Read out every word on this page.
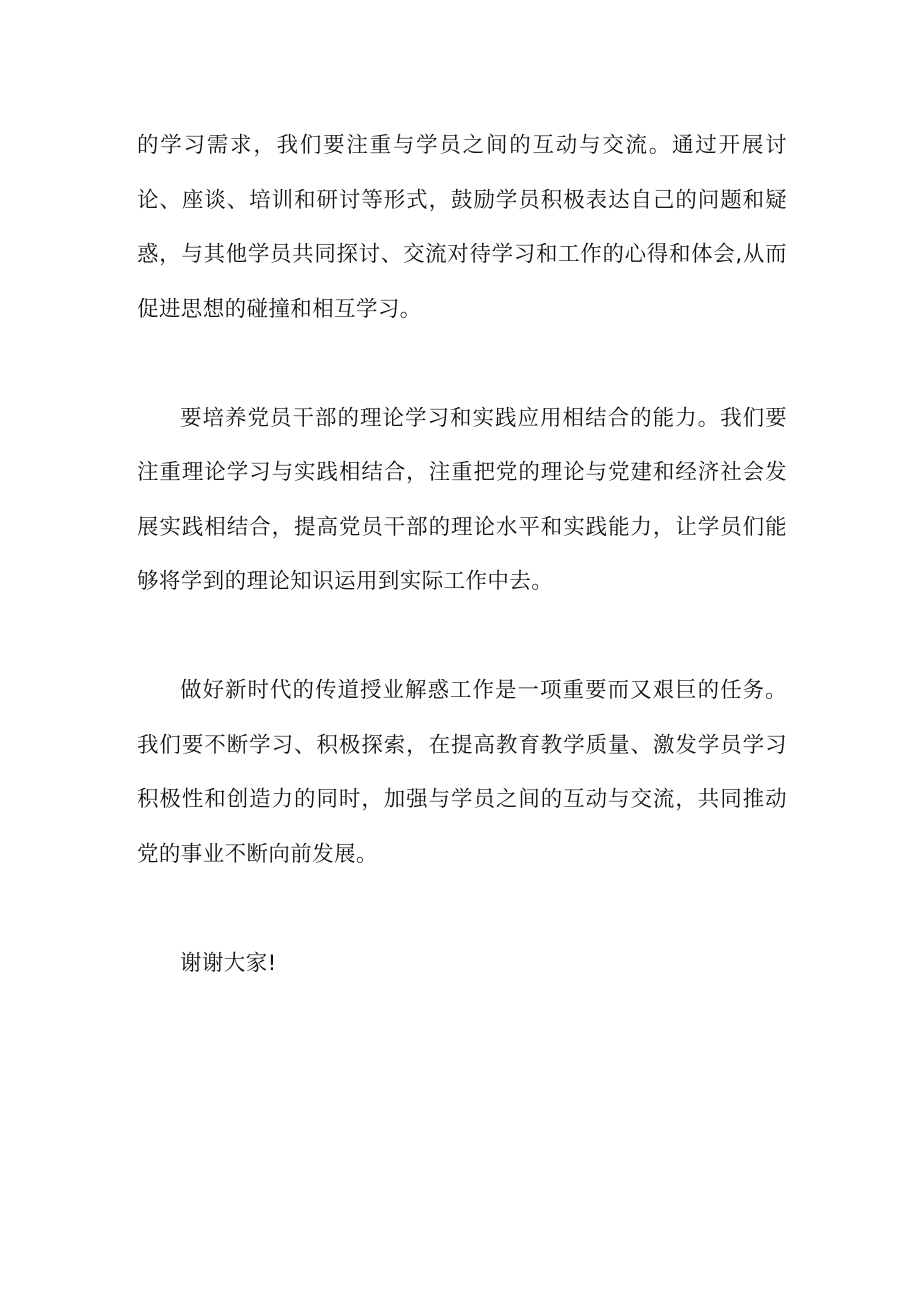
的学习需求，我们要注重与学员之间的互动与交流。通过开展讨论、座谈、培训和研讨等形式，鼓励学员积极表达自己的问题和疑惑，与其他学员共同探讨、交流对待学习和工作的心得和体会,从而促进思想的碰撞和相互学习。

要培养党员干部的理论学习和实践应用相结合的能力。我们要注重理论学习与实践相结合，注重把党的理论与党建和经济社会发展实践相结合，提高党员干部的理论水平和实践能力，让学员们能够将学到的理论知识运用到实际工作中去。

做好新时代的传道授业解惑工作是一项重要而又艰巨的任务。我们要不断学习、积极探索，在提高教育教学质量、激发学员学习积极性和创造力的同时，加强与学员之间的互动与交流，共同推动党的事业不断向前发展。

谢谢大家!
